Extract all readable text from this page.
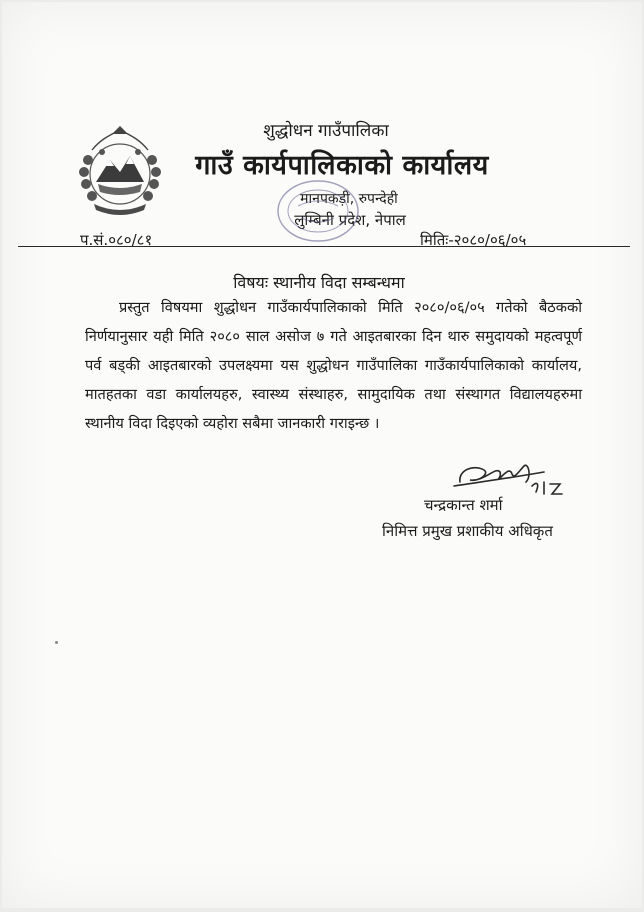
शुद्धोधन गाउँपालिका
गाउँ कार्यपालिकाको कार्यालय
मानपकड़ी, रुपन्देही
लुम्बिनी प्रदेश, नेपाल
प.सं.०८०/८१	मितिः-२०८०/०६/०५
विषयः स्थानीय विदा सम्बन्धमा

प्रस्तुत विषयमा शुद्धोधन गाउँकार्यपालिकाको मिति २०८०/०६/०५ गतेको बैठकको निर्णयानुसार यही मिति २०८० साल असोज ७ गते आइतबारका दिन थारु समुदायको महत्वपूर्ण पर्व बड्की आइतबारको उपलक्ष्यमा यस शुद्धोधन गाउँपालिका गाउँकार्यपालिकाको कार्यालय, मातहतका वडा कार्यालयहरु, स्वास्थ्य संस्थाहरु, सामुदायिक तथा संस्थागत विद्यालयहरुमा स्थानीय विदा दिइएको व्यहोरा सबैमा जानकारी गराइन्छ ।

चन्द्रकान्त शर्मा
निमित्त प्रमुख प्रशाकीय अधिकृत
